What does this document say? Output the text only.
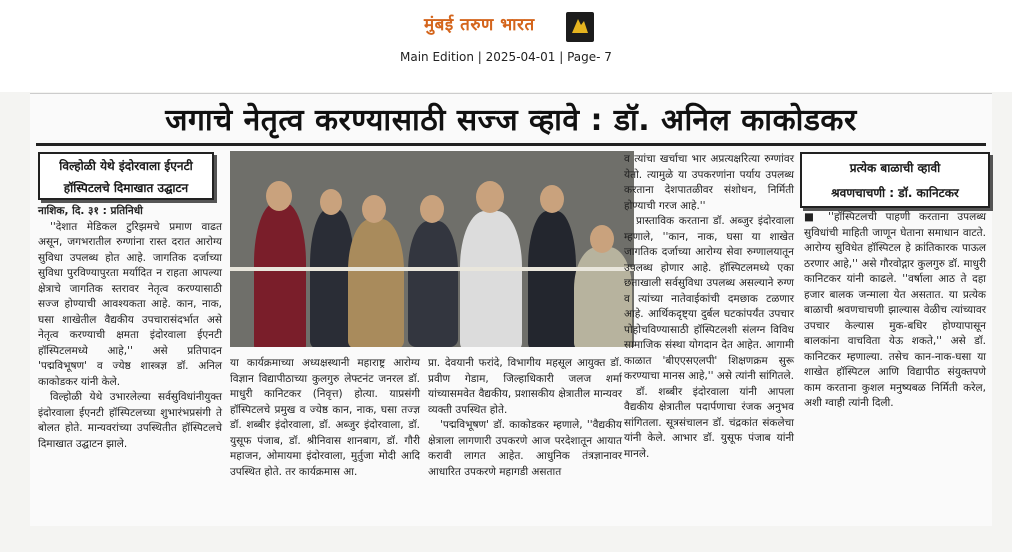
मुंबई तरुण भारत
Main Edition | 2025-04-01 | Page- 7
जगाचे नेतृत्व करण्यासाठी सज्ज व्हावे : डॉ. अनिल काकोडकर
विल्होळी येथे इंदोरवाला ईएनटी
हॉस्पिटलचे दिमाखात उद्घाटन

नाशिक, दि. ३१ : प्रतिनिधी

''देशात मेडिकल टुरिझमचे प्रमाण वाढत असून, जगभरातील रुग्णांना रास्त दरात आरोग्य सुविधा उपलब्ध होत आहे. जागतिक दर्जाच्या सुविधा पुरविण्यापुरता मर्यादित न राहता आपल्या क्षेत्राचे जागतिक स्तरावर नेतृत्व करण्यासाठी सज्ज होण्याची आवश्यकता आहे. कान, नाक, घसा शाखेतील वैद्यकीय उपचारासंदर्भात असे नेतृत्व करण्याची क्षमता इंदोरवाला ईएनटी हॉस्पिटलमध्ये आहे,'' असे प्रतिपादन 'पद्मविभूषण' व ज्येष्ठ शास्त्रज्ञ डॉ. अनिल काकोडकर यांनी केले.

विल्होळी येथे उभारलेल्या सर्वसुविधांनीयुक्त इंदोरवाला ईएनटी हॉस्पिटलच्या शुभारंभप्रसंगी ते बोलत होते. मान्यवरांच्या उपस्थितीत हॉस्पिटलचे दिमाखात उद्घाटन झाले.

या कार्यक्रमाच्या अध्यक्षस्थानी महाराष्ट्र आरोग्य विज्ञान विद्यापीठाच्या कुलगुरु लेफ्टनंट जनरल डॉ. माधुरी कानिटकर (निवृत्त) होत्या. याप्रसंगी हॉस्पिटलचे प्रमुख व ज्येष्ठ कान, नाक, घसा तज्ज्ञ डॉ. शब्बीर इंदोरवाला, डॉ. अब्जुर इंदोरवाला, डॉ. युसूफ पंजाब, डॉ. श्रीनिवास शानबाग, डॉ. गौरी महाजन, ओमायमा इंदोरवाला, मुर्तुजा मोदी आदि उपस्थित होते. तर कार्यक्रमास आ.

प्रा. देवयानी फरांदे, विभागीय महसूल आयुक्त डॉ. प्रवीण गेडाम, जिल्हाधिकारी जलज शर्मा यांच्यासमवेत वैद्यकीय, प्रशासकीय क्षेत्रातील मान्यवर व्यक्ती उपस्थित होते.

'पद्मविभूषण' डॉ. काकोडकर म्हणाले, ''वैद्यकीय क्षेत्राला लागणारी उपकरणे आज परदेशातून आयात करावी लागत आहेत. आधुनिक तंत्रज्ञानावर आधारित उपकरणे महागडी असतात

व त्यांचा खर्चाचा भार अप्रत्यक्षरित्या रुग्णांवर येतो. त्यामुळे या उपकरणांना पर्याय उपलब्ध करताना देशपातळीवर संशोधन, निर्मिती होण्याची गरज आहे.''

प्रास्ताविक करताना डॉ. अब्जुर इंदोरवाला म्हणाले, ''कान, नाक, घसा या शाखेत जागतिक दर्जाच्या आरोग्य सेवा रुग्णालयातून उपलब्ध होणार आहे. हॉस्पिटलमध्ये एका छताखाली सर्वसुविधा उपलब्ध असल्याने रुग्ण व त्यांच्या नातेवाईकांची दमछाक टळणार आहे. आर्थिकदृष्ट्या दुर्बल घटकांपर्यंत उपचार पोहोचविण्यासाठी हॉस्पिटलशी संलग्न विविध सामाजिक संस्था योगदान देत आहेत. आगामी काळात 'बीएएसएलपी' शिक्षणक्रम सुरू करण्याचा मानस आहे,'' असे त्यांनी सांगितले.

डॉ. शब्बीर इंदोरवाला यांनी आपला वैद्यकीय क्षेत्रातील पदार्पणाचा रंजक अनुभव सांगितला. सूत्रसंचालन डॉ. चंद्रकांत संकलेचा यांनी केले. आभार डॉ. युसूफ पंजाब यांनी मानले.

प्रत्येक बाळाची व्हावी
श्रवणचाचणी : डॉ. कानिटकर

■ ''हॉस्पिटलची पाहणी करताना उपलब्ध सुविधांची माहिती जाणून घेताना समाधान वाटते. आरोग्य सुविधेत हॉस्पिटल हे क्रांतिकारक पाऊल ठरणार आहे,'' असे गौरवोद्गार कुलगुरु डॉ. माधुरी कानिटकर यांनी काढले. ''वर्षाला आठ ते दहा हजार बालक जन्माला येत असतात. या प्रत्येक बाळाची श्रवणचाचणी झाल्यास वेळीच त्यांच्यावर उपचार केल्यास मुक-बधिर होण्यापासून बालकांना वाचविता येऊ शकते,'' असे डॉ. कानिटकर म्हणाल्या. तसेच कान-नाक-घसा या शाखेत हॉस्पिटल आणि विद्यापीठ संयुक्तपणे काम करताना कुशल मनुष्यबळ निर्मिती करेल, अशी ग्वाही त्यांनी दिली.
